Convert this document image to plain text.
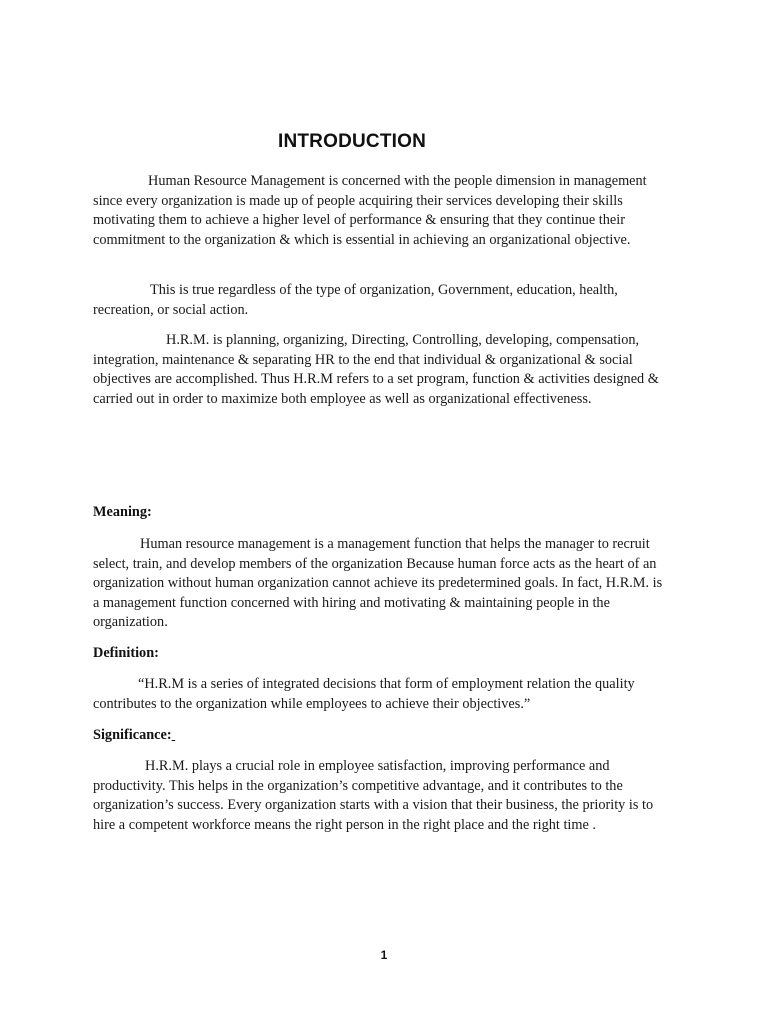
INTRODUCTION

Human Resource Management is concerned with the people dimension in management since every organization is made up of people acquiring their services developing their skills motivating them to achieve a higher level of performance & ensuring that they continue their commitment to the organization & which is essential in achieving an organizational objective.

This is true regardless of the type of organization, Government, education, health, recreation, or social action.

H.R.M. is planning, organizing, Directing, Controlling, developing, compensation, integration, maintenance & separating HR to the end that individual & organizational & social objectives are accomplished. Thus H.R.M refers to a set program, function & activities designed & carried out in order to maximize both employee as well as organizational effectiveness.

Meaning:

Human resource management is a management function that helps the manager to recruit select, train, and develop members of the organization Because human force acts as the heart of an organization without human organization cannot achieve its predetermined goals. In fact, H.R.M. is a management function concerned with hiring and motivating & maintaining people in the organization.

Definition:

“H.R.M is a series of integrated decisions that form of employment relation the quality contributes to the organization while employees to achieve their objectives.”

Significance:

H.R.M. plays a crucial role in employee satisfaction, improving performance and productivity. This helps in the organization’s competitive advantage, and it contributes to the organization’s success. Every organization starts with a vision that their business, the priority is to hire a competent workforce means the right person in the right place and the right time .

1
